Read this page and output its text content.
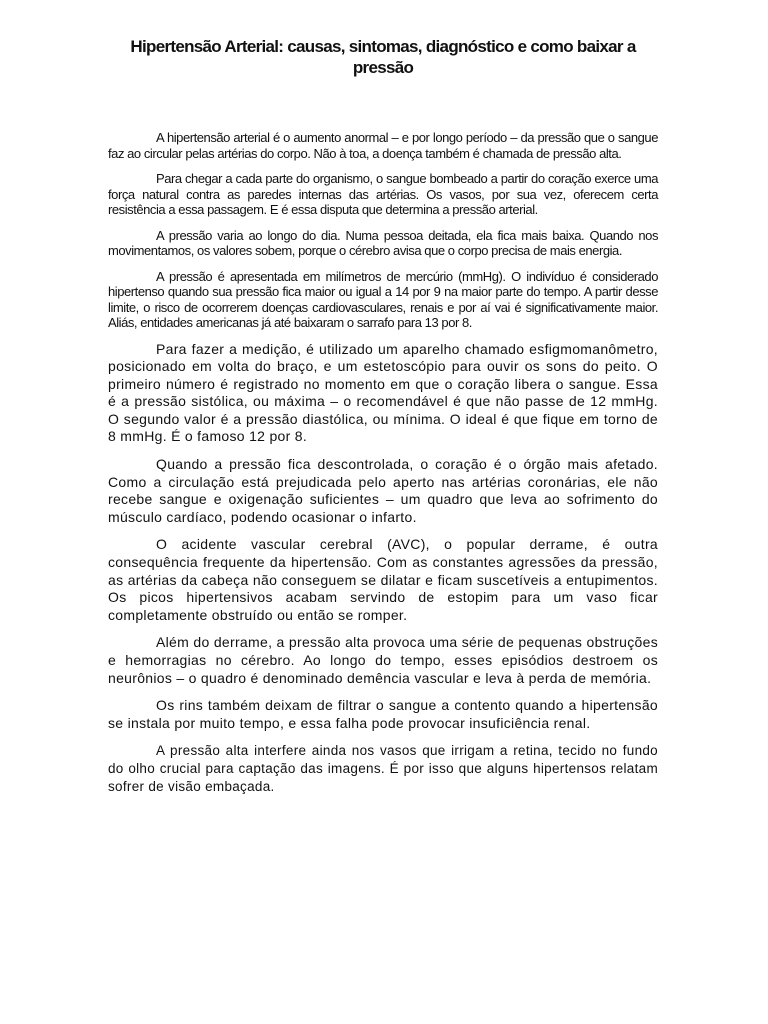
Hipertensão Arterial: causas, sintomas, diagnóstico e como baixar a pressão

A hipertensão arterial é o aumento anormal – e por longo período – da pressão que o sangue faz ao circular pelas artérias do corpo. Não à toa, a doença também é chamada de pressão alta.

Para chegar a cada parte do organismo, o sangue bombeado a partir do coração exerce uma força natural contra as paredes internas das artérias. Os vasos, por sua vez, oferecem certa resistência a essa passagem. E é essa disputa que determina a pressão arterial.

A pressão varia ao longo do dia. Numa pessoa deitada, ela fica mais baixa. Quando nos movimentamos, os valores sobem, porque o cérebro avisa que o corpo precisa de mais energia.

A pressão é apresentada em milímetros de mercúrio (mmHg). O indivíduo é considerado hipertenso quando sua pressão fica maior ou igual a 14 por 9 na maior parte do tempo. A partir desse limite, o risco de ocorrerem doenças cardiovasculares, renais e por aí vai é significativamente maior. Aliás, entidades americanas já até baixaram o sarrafo para 13 por 8.

Para fazer a medição, é utilizado um aparelho chamado esfigmomanômetro, posicionado em volta do braço, e um estetoscópio para ouvir os sons do peito. O primeiro número é registrado no momento em que o coração libera o sangue. Essa é a pressão sistólica, ou máxima – o recomendável é que não passe de 12 mmHg. O segundo valor é a pressão diastólica, ou mínima. O ideal é que fique em torno de 8 mmHg. É o famoso 12 por 8.

Quando a pressão fica descontrolada, o coração é o órgão mais afetado. Como a circulação está prejudicada pelo aperto nas artérias coronárias, ele não recebe sangue e oxigenação suficientes – um quadro que leva ao sofrimento do músculo cardíaco, podendo ocasionar o infarto.

O acidente vascular cerebral (AVC), o popular derrame, é outra consequência frequente da hipertensão. Com as constantes agressões da pressão, as artérias da cabeça não conseguem se dilatar e ficam suscetíveis a entupimentos. Os picos hipertensivos acabam servindo de estopim para um vaso ficar completamente obstruído ou então se romper.

Além do derrame, a pressão alta provoca uma série de pequenas obstruções e hemorragias no cérebro. Ao longo do tempo, esses episódios destroem os neurônios – o quadro é denominado demência vascular e leva à perda de memória.

Os rins também deixam de filtrar o sangue a contento quando a hipertensão se instala por muito tempo, e essa falha pode provocar insuficiência renal.

A pressão alta interfere ainda nos vasos que irrigam a retina, tecido no fundo do olho crucial para captação das imagens. É por isso que alguns hipertensos relatam sofrer de visão embaçada.
